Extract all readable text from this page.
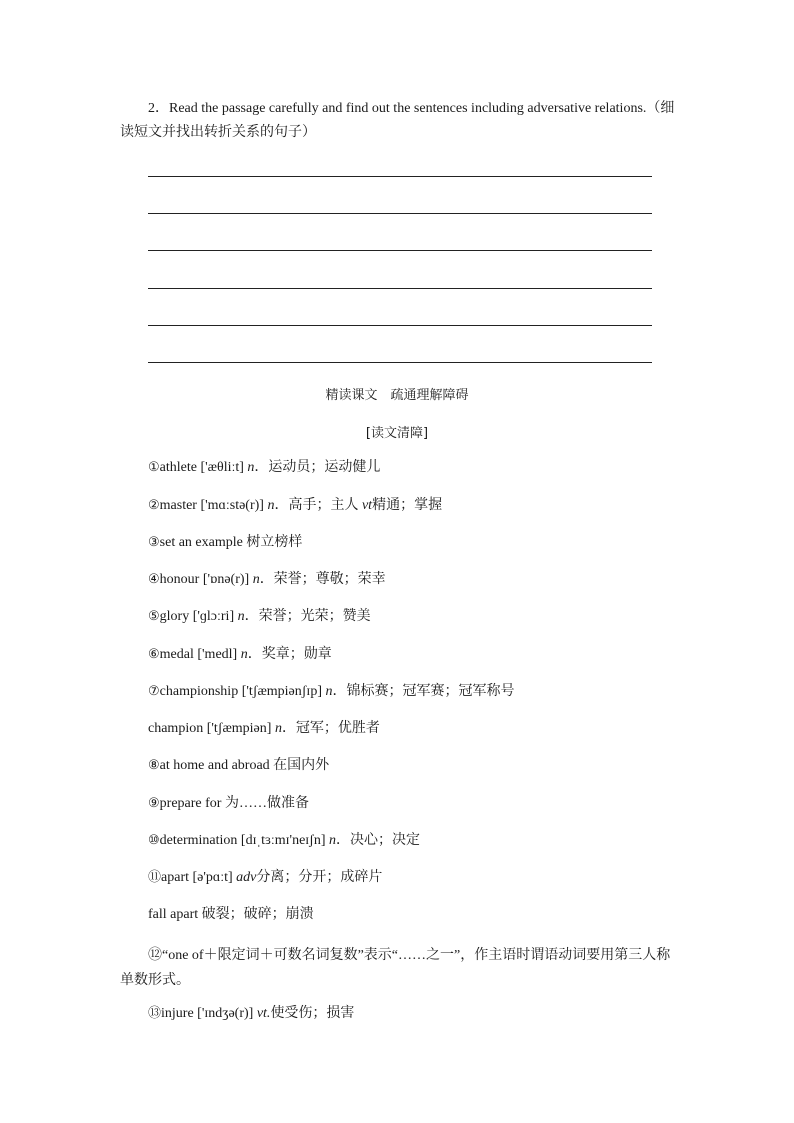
2．Read the passage carefully and find out the sentences including adversative relations.（细读短文并找出转折关系的句子）

精读课文　疏通理解障碍
[读文清障]

①athlete ['æθliːt] n．运动员；运动健儿

②master ['mɑːstə(r)] n．高手；主人 vt精通；掌握

③set an example 树立榜样

④honour ['ɒnə(r)] n．荣誉；尊敬；荣幸

⑤glory ['ɡlɔːri] n．荣誉；光荣；赞美

⑥medal ['medl] n．奖章；勋章

⑦championship ['tʃæmpiənʃɪp] n．锦标赛；冠军赛；冠军称号

champion ['tʃæmpiən] n．冠军；优胜者

⑧at home and abroad 在国内外

⑨prepare for 为……做准备

⑩determination [dɪˌtɜːmɪ'neɪʃn] n．决心；决定

⑪apart [ə'pɑːt] adv分离；分开；成碎片

fall apart 破裂；破碎；崩溃

⑫“one of＋限定词＋可数名词复数”表示“……之一”，作主语时谓语动词要用第三人称单数形式。

⑬injure ['ɪndʒə(r)] vt.使受伤；损害
